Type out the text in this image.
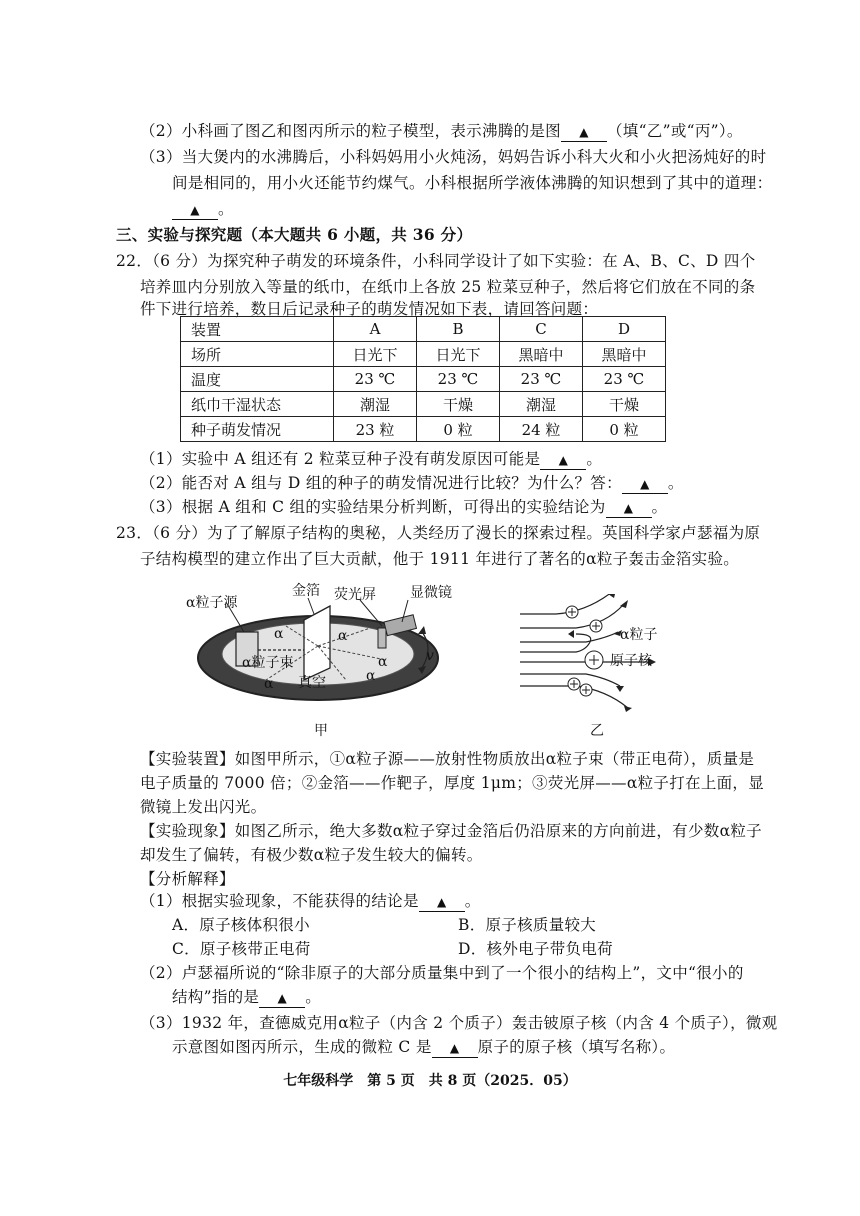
（2）小科画了图乙和图丙所示的粒子模型，表示沸腾的是图 ▲ （填“乙”或“丙”）。
（3）当大煲内的水沸腾后，小科妈妈用小火炖汤，妈妈告诉小科大火和小火把汤炖好的时
间是相同的，用小火还能节约煤气。小科根据所学液体沸腾的知识想到了其中的道理：
▲ 。
三、实验与探究题（本大题共 6 小题，共 36 分）
22．（6 分）为探究种子萌发的环境条件，小科同学设计了如下实验：在 A、B、C、D 四个
培养皿内分别放入等量的纸巾，在纸巾上各放 25 粒菜豆种子，然后将它们放在不同的条
件下进行培养，数日后记录种子的萌发情况如下表，请回答问题：
装置	A	B	C	D
场所	日光下	日光下	黑暗中	黑暗中
温度	23 ℃	23 ℃	23 ℃	23 ℃
纸巾干湿状态	潮湿	干燥	潮湿	干燥
种子萌发情况	23 粒	0 粒	24 粒	0 粒
（1）实验中 A 组还有 2 粒菜豆种子没有萌发原因可能是 ▲ 。
（2）能否对 A 组与 D 组的种子的萌发情况进行比较？为什么？答： ▲ 。
（3）根据 A 组和 C 组的实验结果分析判断，可得出的实验结论为 ▲ 。
23．（6 分）为了了解原子结构的奥秘，人类经历了漫长的探索过程。英国科学家卢瑟福为原
子结构模型的建立作出了巨大贡献，他于 1911 年进行了著名的α粒子轰击金箔实验。
α粒子源
金箔 荧光屏 显微镜
α粒子束
真空
α	α
α	α
α	v
甲
α粒子
原子核
乙
【实验装置】如图甲所示，①α粒子源——放射性物质放出α粒子束（带正电荷），质量是
电子质量的 7000 倍；②金箔——作靶子，厚度 1μm；③荧光屏——α粒子打在上面，显
微镜上发出闪光。
【实验现象】如图乙所示，绝大多数α粒子穿过金箔后仍沿原来的方向前进，有少数α粒子
却发生了偏转，有极少数α粒子发生较大的偏转。
【分析解释】
（1）根据实验现象，不能获得的结论是 ▲ 。
A．原子核体积很小	B．原子核质量较大
C．原子核带正电荷	D．核外电子带负电荷
（2）卢瑟福所说的“除非原子的大部分质量集中到了一个很小的结构上”，文中“很小的
结构”指的是 ▲ 。
（3）1932 年，查德威克用α粒子（内含 2 个质子）轰击铍原子核（内含 4 个质子），微观
示意图如图丙所示，生成的微粒 C 是 ▲ 原子的原子核（填写名称）。
七年级科学　第 5 页　共 8 页（2025．05）
